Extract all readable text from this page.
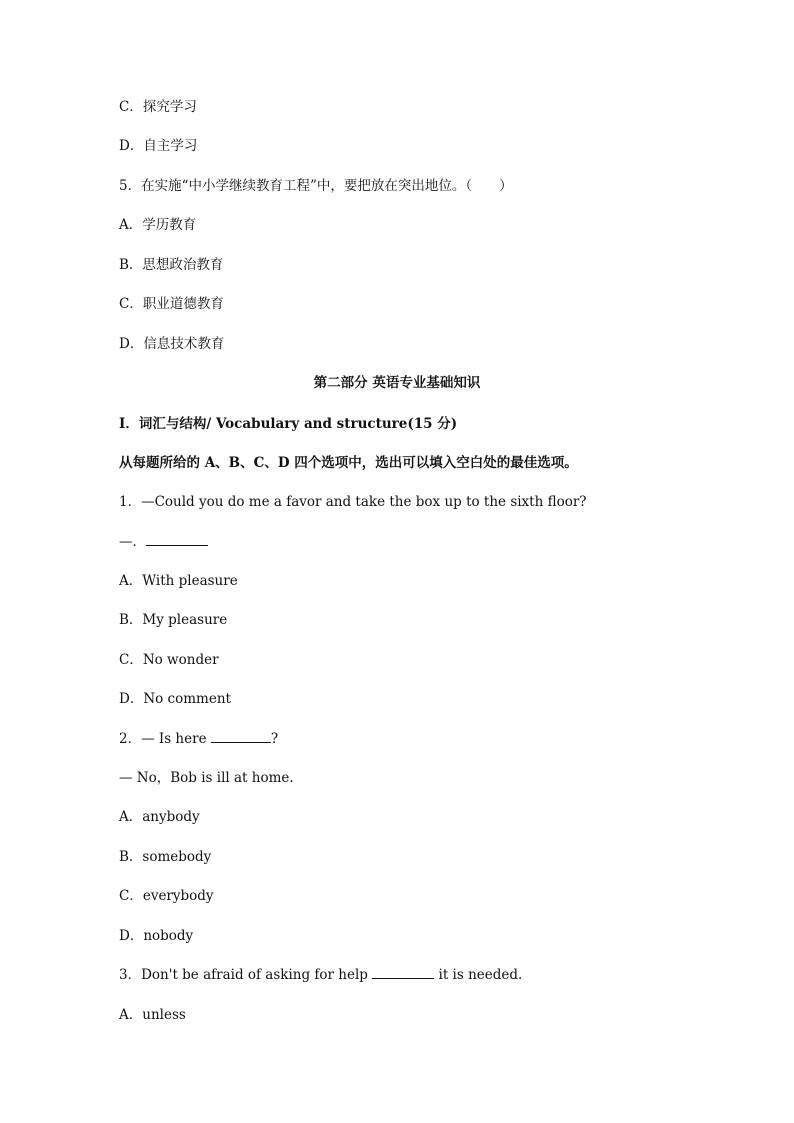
C．探究学习
D．自主学习
5．在实施“中小学继续教育工程”中，要把放在突出地位。（　　）
A．学历教育
B．思想政治教育
C．职业道德教育
D．信息技术教育
第二部分 英语专业基础知识
Ⅰ．词汇与结构/ Vocabulary and structure(15 分)
从每题所给的 A、B、C、D 四个选项中，选出可以填入空白处的最佳选项。
1．—Could you do me a favor and take the box up to the sixth floor?
—．
A．With pleasure
B．My pleasure
C．No wonder
D．No comment
2．— Is here	?
— No，Bob is ill at home.
A．anybody
B．somebody
C．everybody
D．nobody
3．Don't be afraid of asking for help	it is needed.
A．unless
